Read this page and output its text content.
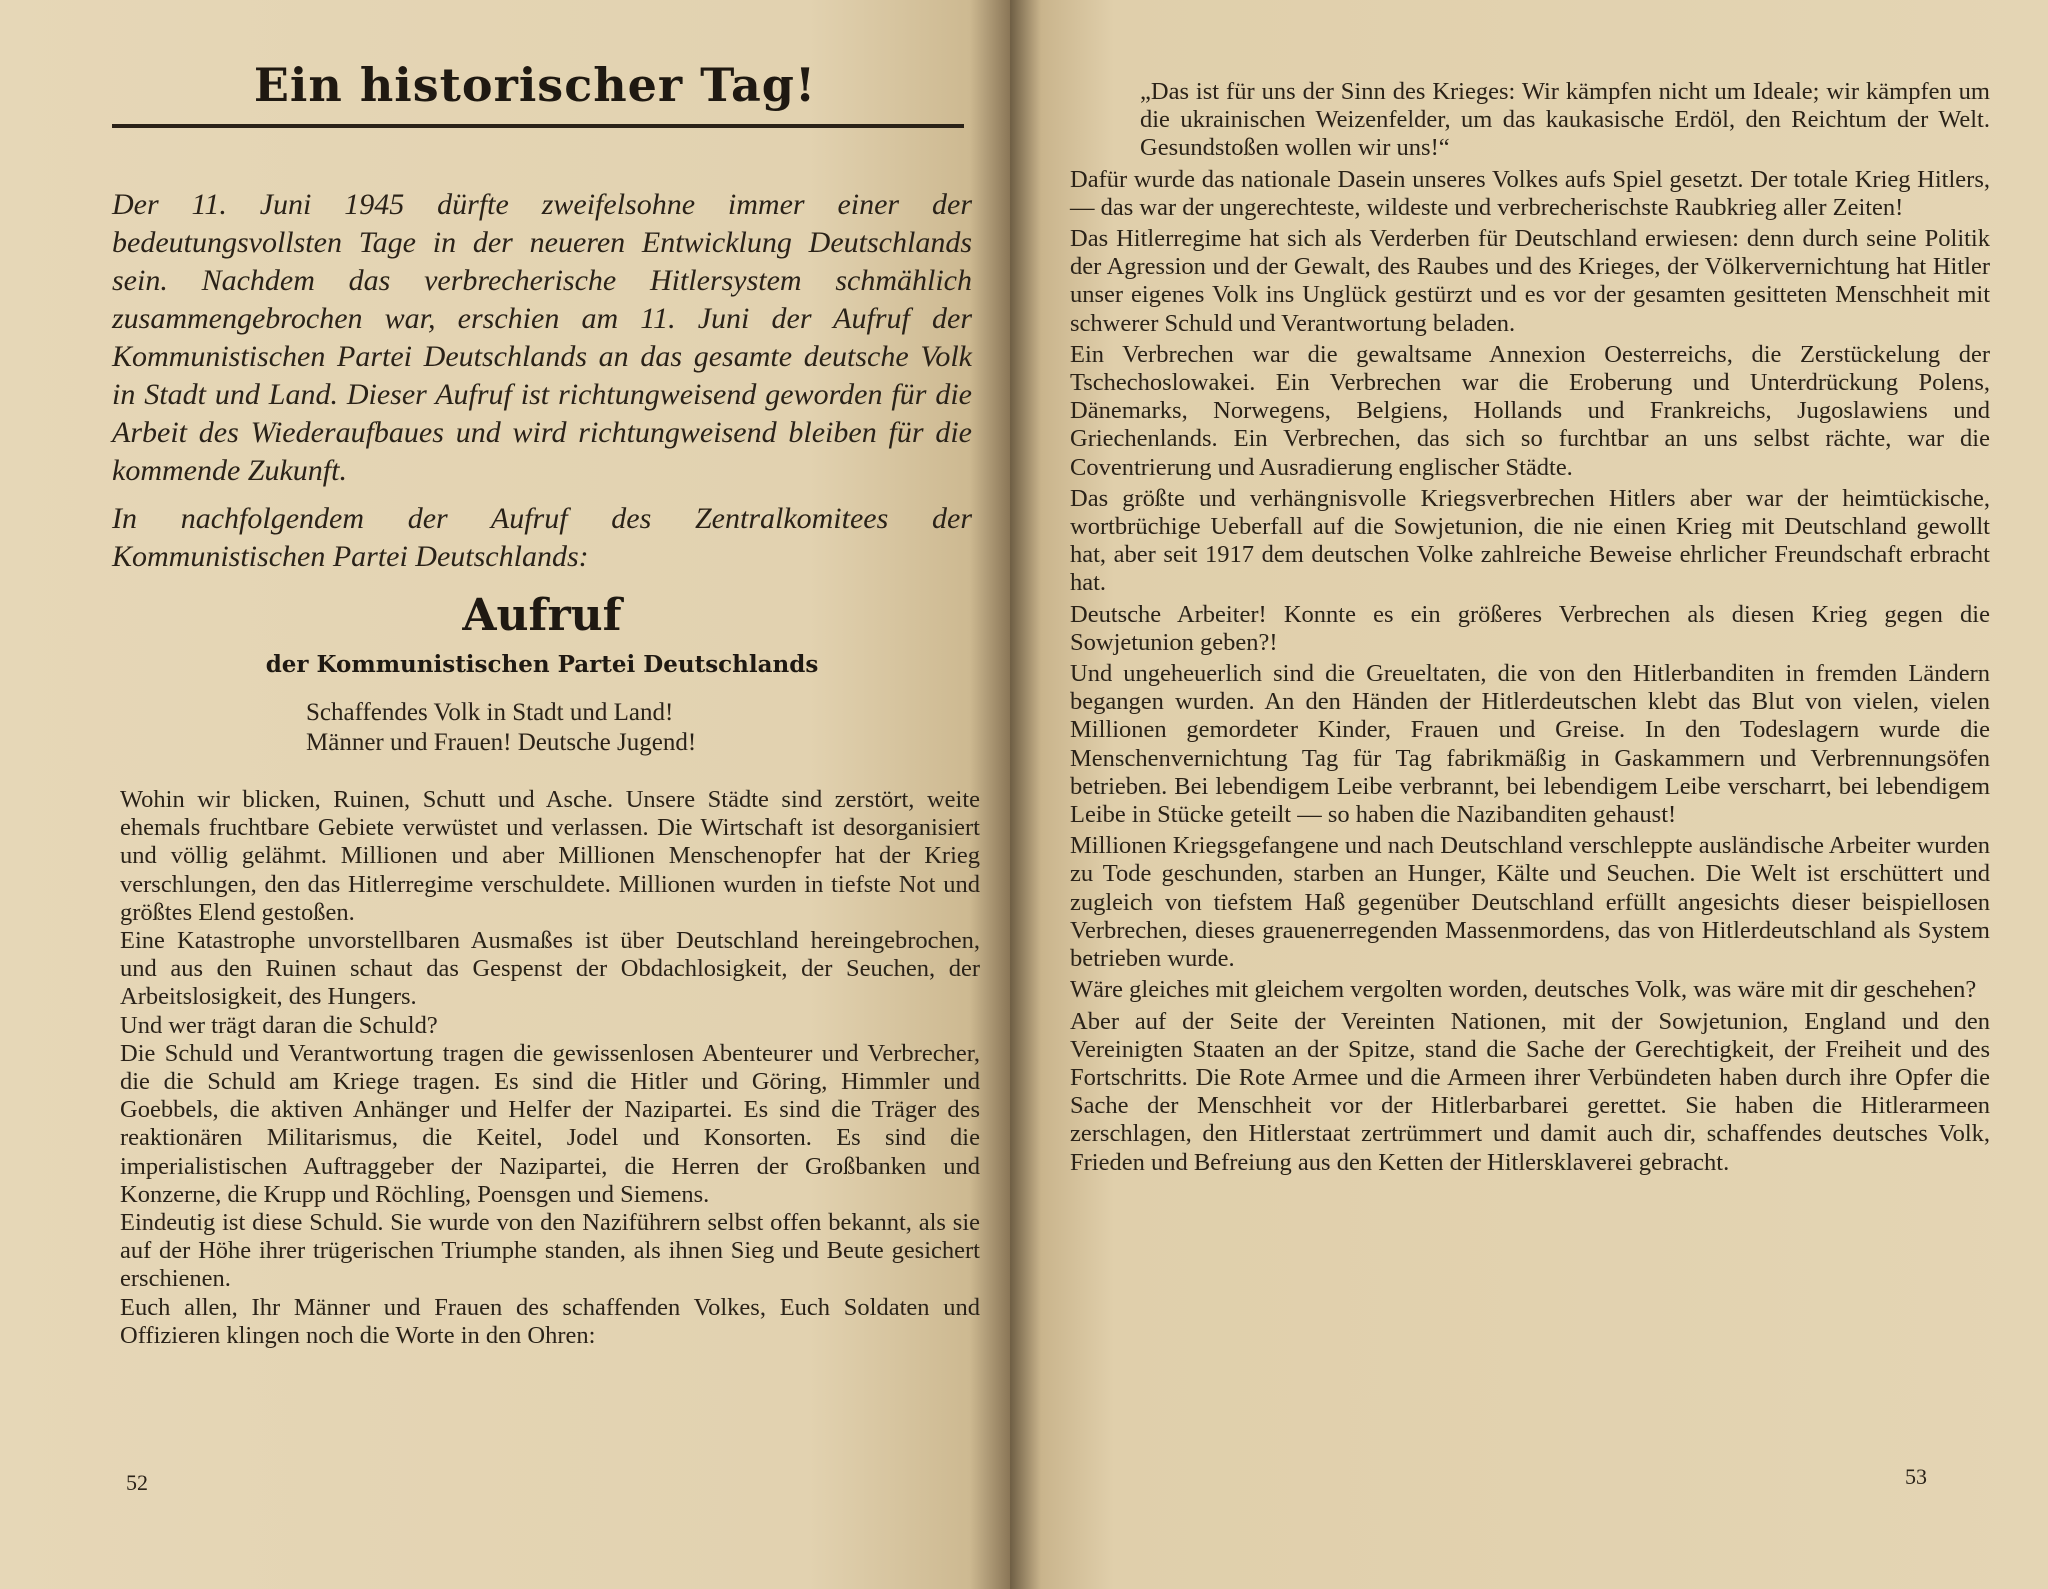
Ein historischer Tag!

Der 11. Juni 1945 dürfte zweifelsohne immer einer der bedeutungsvollsten Tage in der neueren Entwicklung Deutschlands sein. Nachdem das verbrecherische Hitlersystem schmählich zusammengebrochen war, erschien am 11. Juni der Aufruf der Kommunistischen Partei Deutschlands an das gesamte deutsche Volk in Stadt und Land. Dieser Aufruf ist richtungweisend geworden für die Arbeit des Wiederaufbaues und wird richtungweisend bleiben für die kommende Zukunft.

In nachfolgendem der Aufruf des Zentralkomitees der Kommunistischen Partei Deutschlands:

Aufruf
der Kommunistischen Partei Deutschlands
Schaffendes Volk in Stadt und Land!
Männer und Frauen! Deutsche Jugend!

Wohin wir blicken, Ruinen, Schutt und Asche. Unsere Städte sind zerstört, weite ehemals fruchtbare Gebiete verwüstet und verlassen. Die Wirtschaft ist desorganisiert und völlig gelähmt. Millionen und aber Millionen Menschenopfer hat der Krieg verschlungen, den das Hitlerregime verschuldete. Millionen wurden in tiefste Not und größtes Elend gestoßen.

Eine Katastrophe unvorstellbaren Ausmaßes ist über Deutschland hereingebrochen, und aus den Ruinen schaut das Gespenst der Obdachlosigkeit, der Seuchen, der Arbeitslosigkeit, des Hungers.

Und wer trägt daran die Schuld?

Die Schuld und Verantwortung tragen die gewissenlosen Abenteurer und Verbrecher, die die Schuld am Kriege tragen. Es sind die Hitler und Göring, Himmler und Goebbels, die aktiven Anhänger und Helfer der Nazipartei. Es sind die Träger des reaktionären Militarismus, die Keitel, Jodel und Konsorten. Es sind die imperialistischen Auftraggeber der Nazipartei, die Herren der Großbanken und Konzerne, die Krupp und Röchling, Poensgen und Siemens.

Eindeutig ist diese Schuld. Sie wurde von den Naziführern selbst offen bekannt, als sie auf der Höhe ihrer trügerischen Triumphe standen, als ihnen Sieg und Beute gesichert erschienen.

Euch allen, Ihr Männer und Frauen des schaffenden Volkes, Euch Soldaten und Offizieren klingen noch die Worte in den Ohren:

52

„Das ist für uns der Sinn des Krieges: Wir kämpfen nicht um Ideale; wir kämpfen um die ukrainischen Weizenfelder, um das kaukasische Erdöl, den Reichtum der Welt. Gesundstoßen wollen wir uns!“

Dafür wurde das nationale Dasein unseres Volkes aufs Spiel gesetzt. Der totale Krieg Hitlers, — das war der ungerechteste, wildeste und verbrecherischste Raubkrieg aller Zeiten!

Das Hitlerregime hat sich als Verderben für Deutschland erwiesen: denn durch seine Politik der Agression und der Gewalt, des Raubes und des Krieges, der Völkervernichtung hat Hitler unser eigenes Volk ins Unglück gestürzt und es vor der gesamten gesitteten Menschheit mit schwerer Schuld und Verantwortung beladen.

Ein Verbrechen war die gewaltsame Annexion Oesterreichs, die Zerstückelung der Tschechoslowakei. Ein Verbrechen war die Eroberung und Unterdrückung Polens, Dänemarks, Norwegens, Belgiens, Hollands und Frankreichs, Jugoslawiens und Griechenlands. Ein Verbrechen, das sich so furchtbar an uns selbst rächte, war die Coventrierung und Ausradierung englischer Städte.

Das größte und verhängnisvolle Kriegsverbrechen Hitlers aber war der heimtückische, wortbrüchige Ueberfall auf die Sowjetunion, die nie einen Krieg mit Deutschland gewollt hat, aber seit 1917 dem deutschen Volke zahlreiche Beweise ehrlicher Freundschaft erbracht hat.

Deutsche Arbeiter! Konnte es ein größeres Verbrechen als diesen Krieg gegen die Sowjetunion geben?!

Und ungeheuerlich sind die Greueltaten, die von den Hitlerbanditen in fremden Ländern begangen wurden. An den Händen der Hitlerdeutschen klebt das Blut von vielen, vielen Millionen gemordeter Kinder, Frauen und Greise. In den Todeslagern wurde die Menschenvernichtung Tag für Tag fabrikmäßig in Gaskammern und Verbrennungsöfen betrieben. Bei lebendigem Leibe verbrannt, bei lebendigem Leibe verscharrt, bei lebendigem Leibe in Stücke geteilt — so haben die Nazibanditen gehaust!

Millionen Kriegsgefangene und nach Deutschland verschleppte ausländische Arbeiter wurden zu Tode geschunden, starben an Hunger, Kälte und Seuchen. Die Welt ist erschüttert und zugleich von tiefstem Haß gegenüber Deutschland erfüllt angesichts dieser beispiellosen Verbrechen, dieses grauenerregenden Massenmordens, das von Hitlerdeutschland als System betrieben wurde.

Wäre gleiches mit gleichem vergolten worden, deutsches Volk, was wäre mit dir geschehen?

Aber auf der Seite der Vereinten Nationen, mit der Sowjetunion, England und den Vereinigten Staaten an der Spitze, stand die Sache der Gerechtigkeit, der Freiheit und des Fortschritts. Die Rote Armee und die Armeen ihrer Verbündeten haben durch ihre Opfer die Sache der Menschheit vor der Hitlerbarbarei gerettet. Sie haben die Hitlerarmeen zerschlagen, den Hitlerstaat zertrümmert und damit auch dir, schaffendes deutsches Volk, Frieden und Befreiung aus den Ketten der Hitlersklaverei gebracht.

53
